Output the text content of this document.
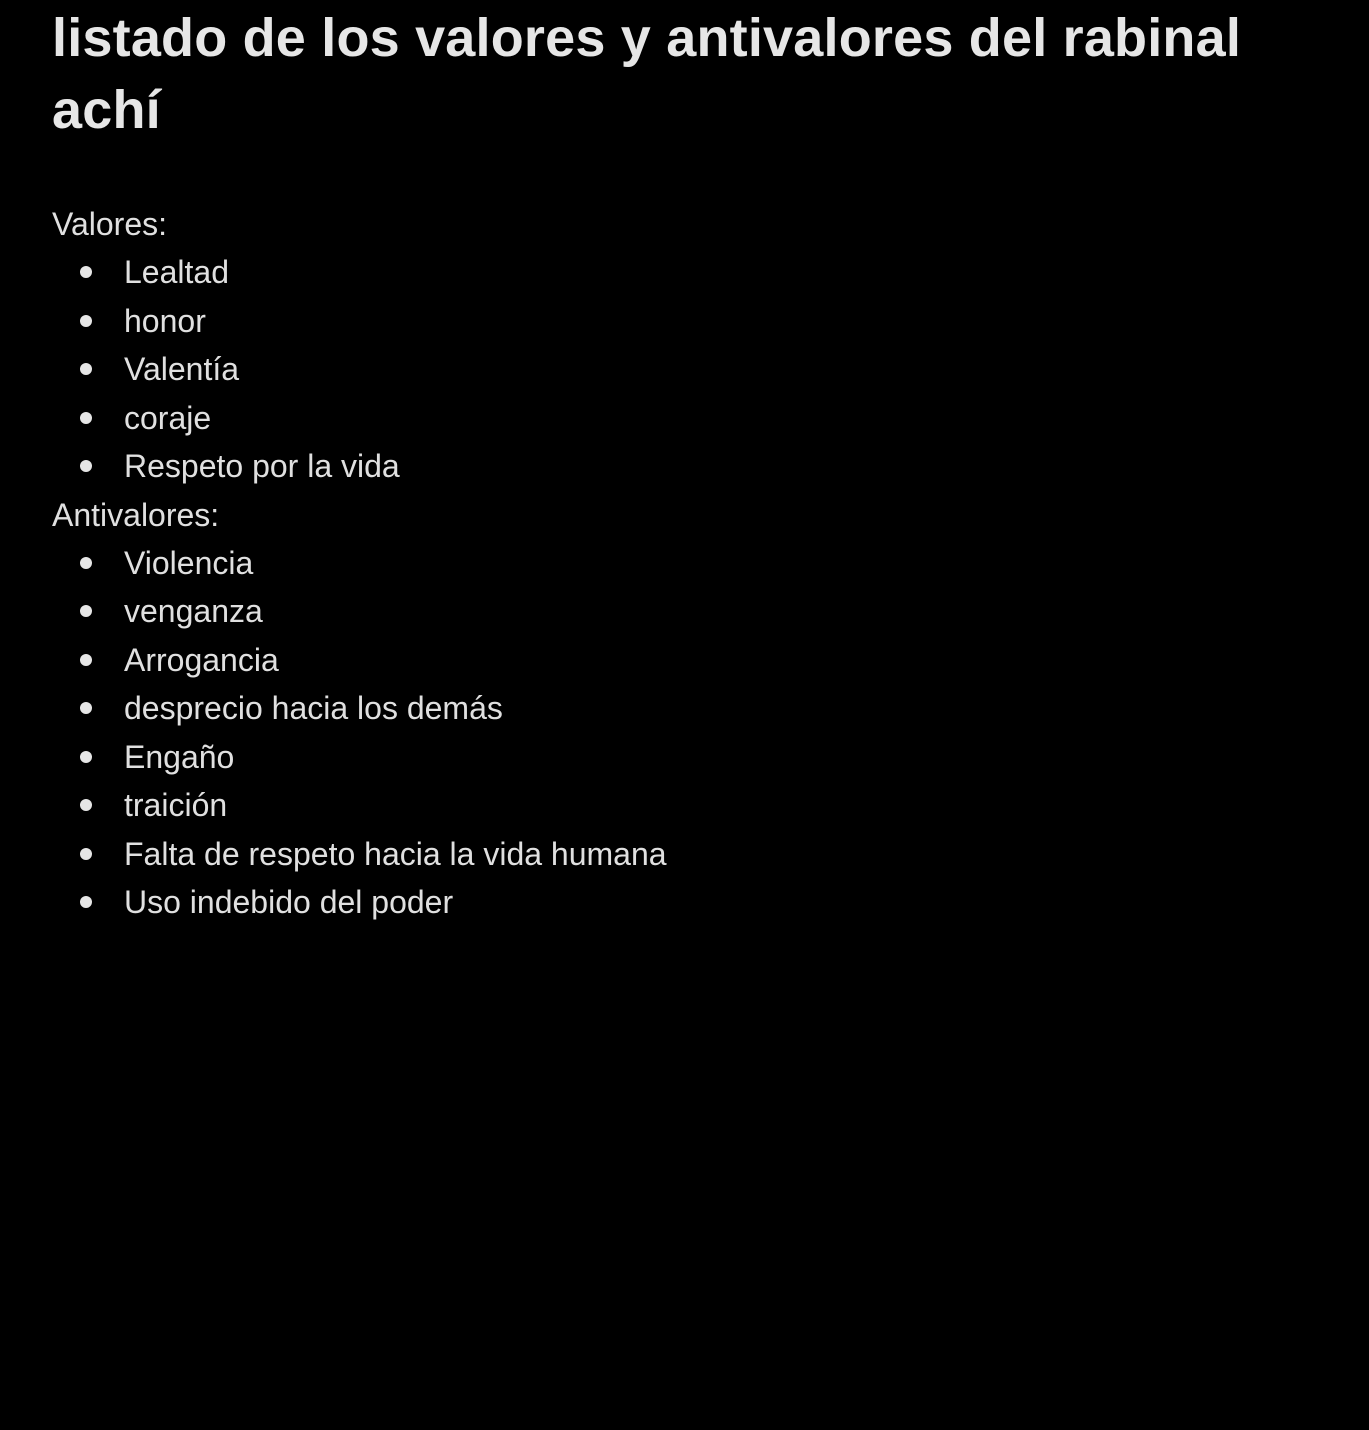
listado de los valores y antivalores del rabinal achí
Valores:
Lealtad
honor
Valentía
coraje
Respeto por la vida
Antivalores:
Violencia
venganza
Arrogancia
desprecio hacia los demás
Engaño
traición
Falta de respeto hacia la vida humana
Uso indebido del poder
